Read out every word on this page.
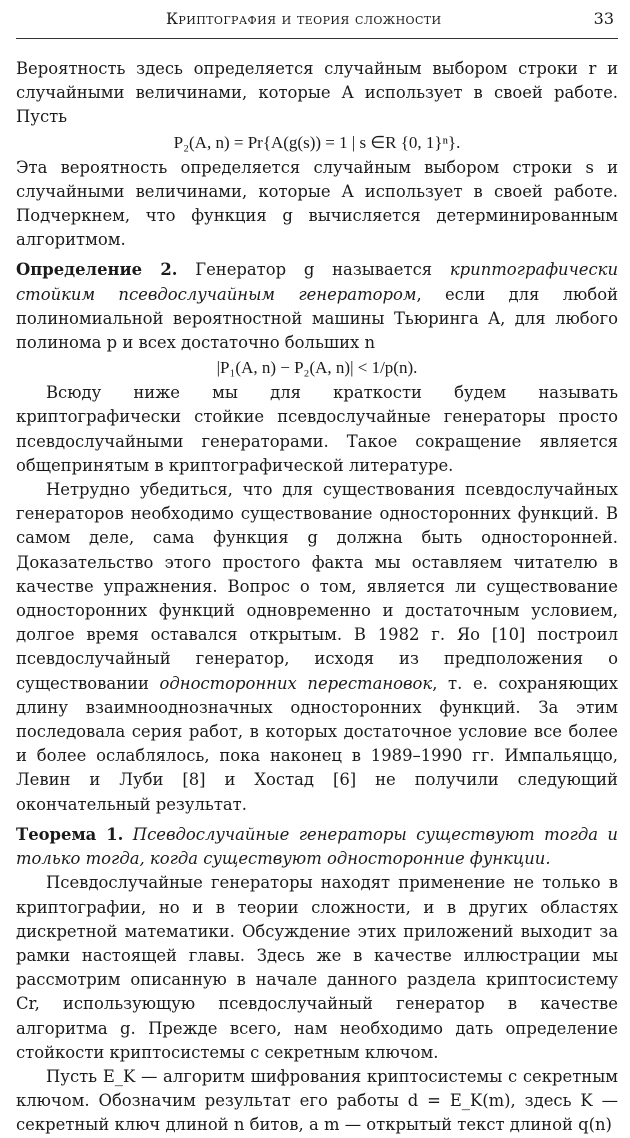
Криптография и теория сложности	33

Вероятность здесь определяется случайным выбором строки r и случайными величинами, которые A использует в своей работе. Пусть

P₂(A, n) = Pr{A(g(s)) = 1 | s ∈R {0, 1}ⁿ}.

Эта вероятность определяется случайным выбором строки s и случайными величинами, которые A использует в своей работе. Подчеркнем, что функция g вычисляется детерминированным алгоритмом.

Определение 2. Генератор g называется криптографически стойким псевдослучайным генератором, если для любой полиномиальной вероятностной машины Тьюринга A, для любого полинома p и всех достаточно больших n

|P₁(A, n) − P₂(A, n)| < 1/p(n).

Всюду ниже мы для краткости будем называть криптографически стойкие псевдослучайные генераторы просто псевдослучайными генераторами. Такое сокращение является общепринятым в криптографической литературе.

Нетрудно убедиться, что для существования псевдослучайных генераторов необходимо существование односторонних функций. В самом деле, сама функция g должна быть односторонней. Доказательство этого простого факта мы оставляем читателю в качестве упражнения. Вопрос о том, является ли существование односторонних функций одновременно и достаточным условием, долгое время оставался открытым. В 1982 г. Яо [10] построил псевдослучайный генератор, исходя из предположения о существовании односторонних перестановок, т. е. сохраняющих длину взаимнооднозначных односторонних функций. За этим последовала серия работ, в которых достаточное условие все более и более ослаблялось, пока наконец в 1989–1990 гг. Импальяццо, Левин и Луби [8] и Хостад [6] не получили следующий окончательный результат.

Теорема 1. Псевдослучайные генераторы существуют тогда и только тогда, когда существуют односторонние функции.

Псевдослучайные генераторы находят применение не только в криптографии, но и в теории сложности, и в других областях дискретной математики. Обсуждение этих приложений выходит за рамки настоящей главы. Здесь же в качестве иллюстрации мы рассмотрим описанную в начале данного раздела криптосистему Cr, использующую псевдослучайный генератор в качестве алгоритма g. Прежде всего, нам необходимо дать определение стойкости криптосистемы с секретным ключом.

Пусть E_K — алгоритм шифрования криптосистемы с секретным ключом. Обозначим результат его работы d = E_K(m), здесь K — секретный ключ длиной n битов, а m — открытый текст длиной q(n)
